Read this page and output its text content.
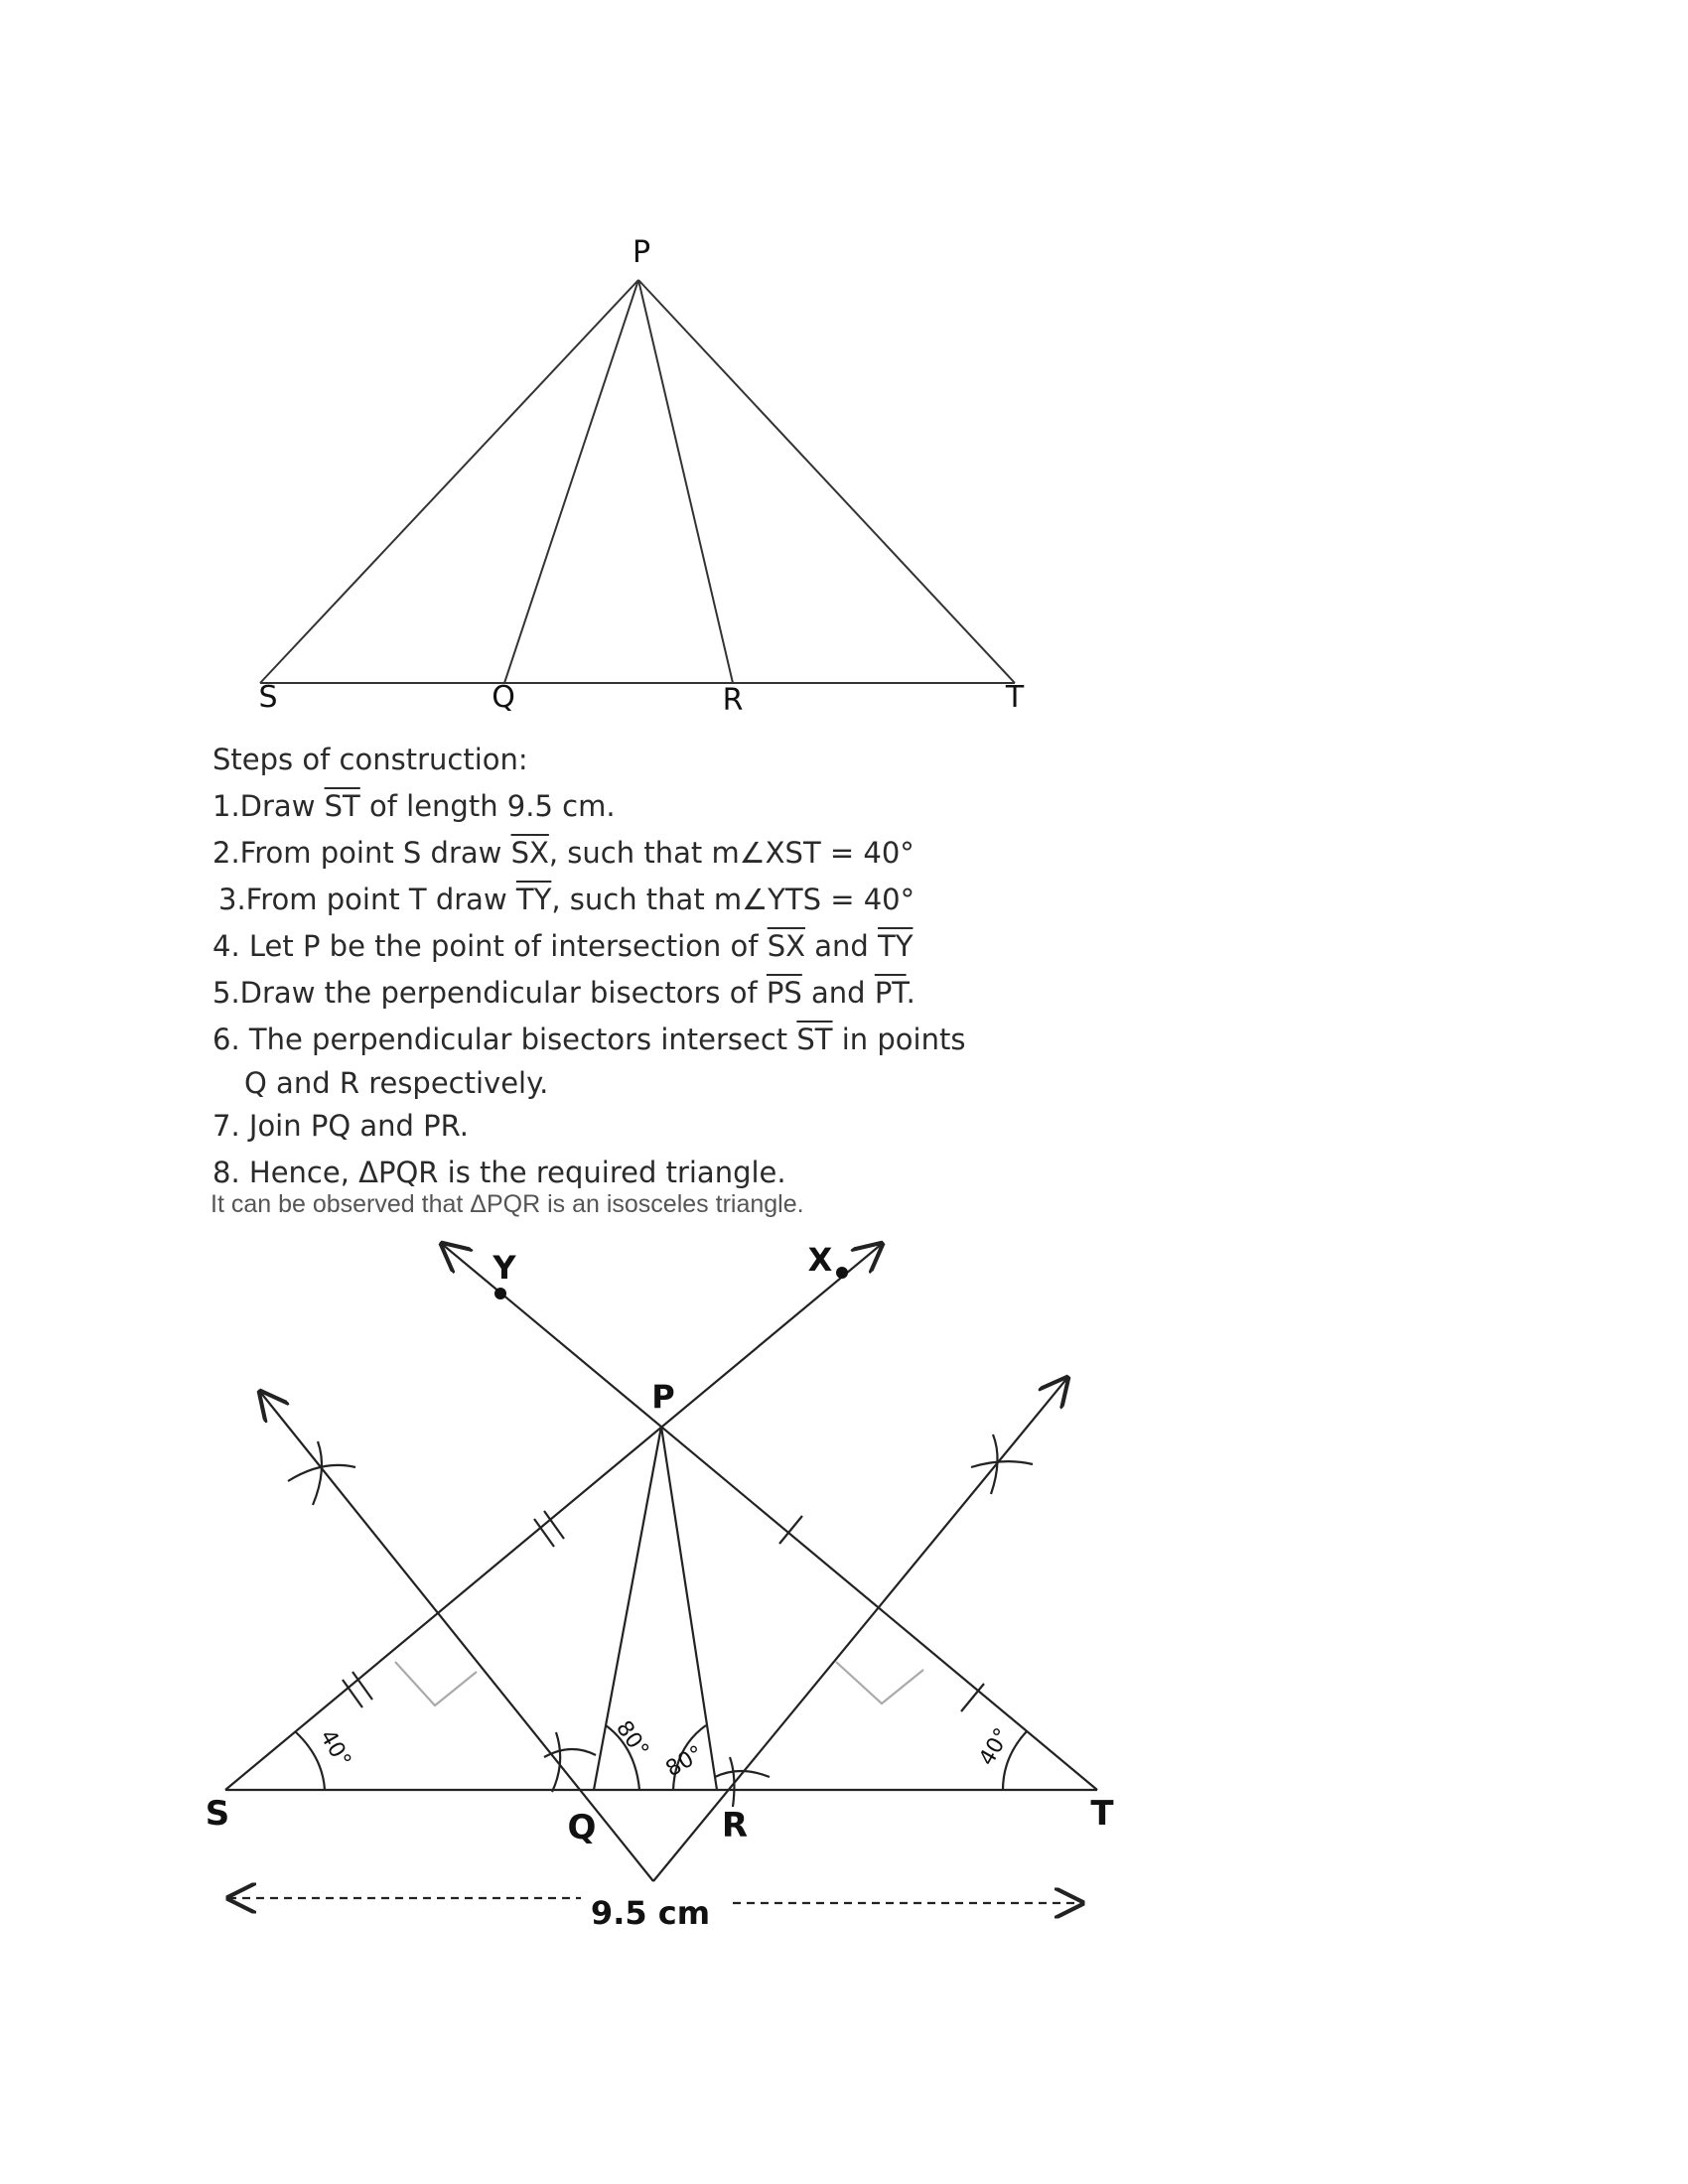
P
S	Q	R	T
Steps of construction:
1.Draw $\overline{ST}$ of length 9.5 cm.
2.From point S draw $\overline{SX}$, such that m∠XST = 40°
3.From point T draw $\overline{TY}$, such that m∠YTS = 40°
4. Let P be the point of intersection of $\overline{SX}$ and $\overline{TY}$
5.Draw the perpendicular bisectors of $\overline{PS}$ and $\overline{PT}$.
6. The perpendicular bisectors intersect $\overline{ST}$ in points
Q and R respectively.
7. Join PQ and PR.
8. Hence, ΔPQR is the required triangle.
It can be observed that ΔPQR is an isosceles triangle.
Y	X
P
S	Q	R	T
40°	40°
80° 80°
9.5 cm
